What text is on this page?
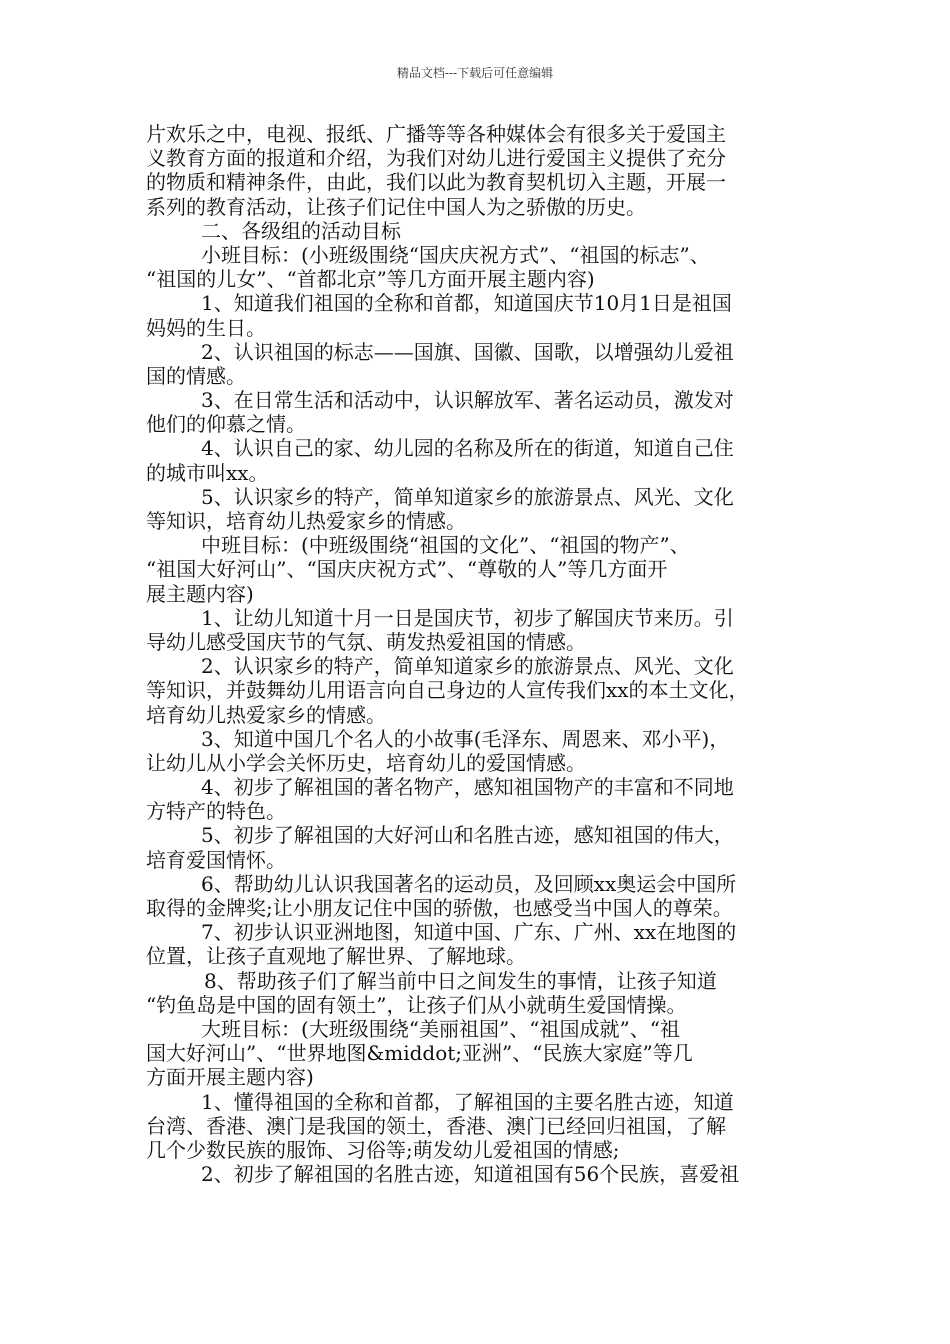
精品文档---下载后可任意编辑
片欢乐之中，电视、报纸、广播等等各种媒体会有很多关于爱国主
义教育方面的报道和介绍，为我们对幼儿进行爱国主义提供了充分
的物质和精神条件，由此，我们以此为教育契机切入主题，开展一
系列的教育活动，让孩子们记住中国人为之骄傲的历史。
二、各级组的活动目标
小班目标：(小班级围绕“国庆庆祝方式”、“祖国的标志”、
“祖国的儿女”、“首都北京”等几方面开展主题内容)
1、知道我们祖国的全称和首都，知道国庆节10月1日是祖国
妈妈的生日。
2、认识祖国的标志——国旗、国徽、国歌，以增强幼儿爱祖
国的情感。
3、在日常生活和活动中，认识解放军、著名运动员，激发对
他们的仰慕之情。
4、认识自己的家、幼儿园的名称及所在的街道，知道自己住
的城市叫xx。
5、认识家乡的特产，简单知道家乡的旅游景点、风光、文化
等知识，培育幼儿热爱家乡的情感。
中班目标：(中班级围绕“祖国的文化”、“祖国的物产”、
“祖国大好河山”、“国庆庆祝方式”、“尊敬的人”等几方面开
展主题内容)
1、让幼儿知道十月一日是国庆节，初步了解国庆节来历。引
导幼儿感受国庆节的气氛、萌发热爱祖国的情感。
2、认识家乡的特产，简单知道家乡的旅游景点、风光、文化
等知识，并鼓舞幼儿用语言向自己身边的人宣传我们xx的本土文化，
培育幼儿热爱家乡的情感。
3、知道中国几个名人的小故事(毛泽东、周恩来、邓小平)，
让幼儿从小学会关怀历史，培育幼儿的爱国情感。
4、初步了解祖国的著名物产，感知祖国物产的丰富和不同地
方特产的特色。
5、初步了解祖国的大好河山和名胜古迹，感知祖国的伟大，
培育爱国情怀。
6、帮助幼儿认识我国著名的运动员，及回顾xx奥运会中国所
取得的金牌奖;让小朋友记住中国的骄傲，也感受当中国人的尊荣。
7、初步认识亚洲地图，知道中国、广东、广州、xx在地图的
位置，让孩子直观地了解世界、了解地球。
8、帮助孩子们了解当前中日之间发生的事情，让孩子知道
“钓鱼岛是中国的固有领土”，让孩子们从小就萌生爱国情操。
大班目标：(大班级围绕“美丽祖国”、“祖国成就”、“祖
国大好河山”、“世界地图&middot;亚洲”、“民族大家庭”等几
方面开展主题内容)
1、懂得祖国的全称和首都，了解祖国的主要名胜古迹，知道
台湾、香港、澳门是我国的领土，香港、澳门已经回归祖国，了解
几个少数民族的服饰、习俗等;萌发幼儿爱祖国的情感;
2、初步了解祖国的名胜古迹，知道祖国有56个民族，喜爱祖
